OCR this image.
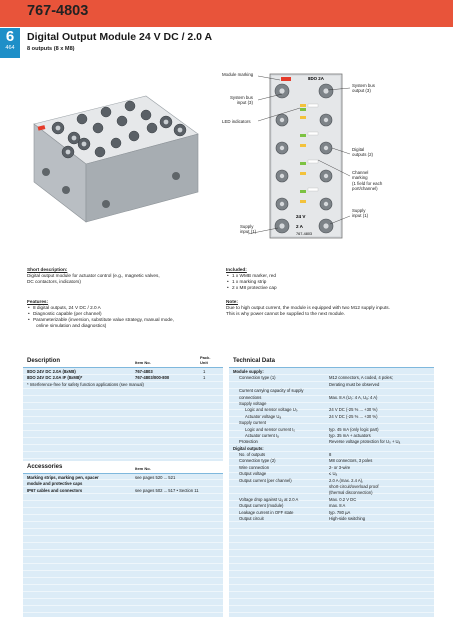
767-4803
6
464
Digital Output Module 24 V DC / 2.0 A
8 outputs (8 x M8)
8DO 2A
24 V
2 A
767-4803
Module marking
System bus
input (3)
LED indicators
System bus
output (3)
Digital
outputs (2)
Channel
marking
(1 field for each
port/channel)
Supply
input (1)
Supply
input (1)
Short description:
Digital output module for actuator control (e.g., magnetic valves,
DC contactors, indicators)
Features:
• 8 digital outputs, 24 V DC / 2.0 A
• Diagnostic capable (per channel)
• Parameterizable (inversion, substitute value strategy, manual mode,
online simulation and diagnostics)
Included:
• 1 x WMB marker, red
• 1 x marking strip
• 2 x M8 protective cap
Note:
Due to high output current, the module is equipped with two M12 supply inputs.
This is why power cannot be supplied to the next module.
Description	Item No.
Pack.
Unit
8DO 24V DC 2.0A (8xM8)	767-4803	1
8DO 24V DC 2.0A IF (8xM8)*	767-4803/000-800	1
* Interference-free for safety function applications (see manual)
Accessories	Item No.
Marking strips, marking pen, spacer	see pages 520 ... 521
module and protective caps
IP67 cables and connectors	see pages 502 ... 517 • Section 11
Technical Data
Module supply:
Connection type (1)	M12 connectors, A coded, 4 poles;
Derating must be observed
Current carrying capacity of supply
connections	Max. 8 A (U₀: 4 A, Uₐ: 4 A)
Supply voltage
Logic and sensor voltage U₀	24 V DC (-25 % ... +30 %)
Actuator voltage Uₐ	24 V DC (-25 % ... +30 %)
Supply current
Logic and sensor current I₀	typ. 45 mA (only logic part)
Actuator current Iₐ	typ. 35 mA + actuators
Protection	Reverse voltage protection for U₀ + Uₐ
Digital outputs:
No. of outputs	8
Connection type (2)	M8 connectors, 3 poles
Wire connection	2- or 3-wire
Output voltage	≤ Uₐ
Output current (per channel)	2.0 A (max. 2.4 A),
short-circuit/overload proof
(thermal disconnection)
Voltage drop against Uₐ at 2.0 A	Max. 0.2 V DC
Output current (module)	max. 8 A
Leakage current in OFF state	typ. 780 µA
Output circuit	High-side switching
